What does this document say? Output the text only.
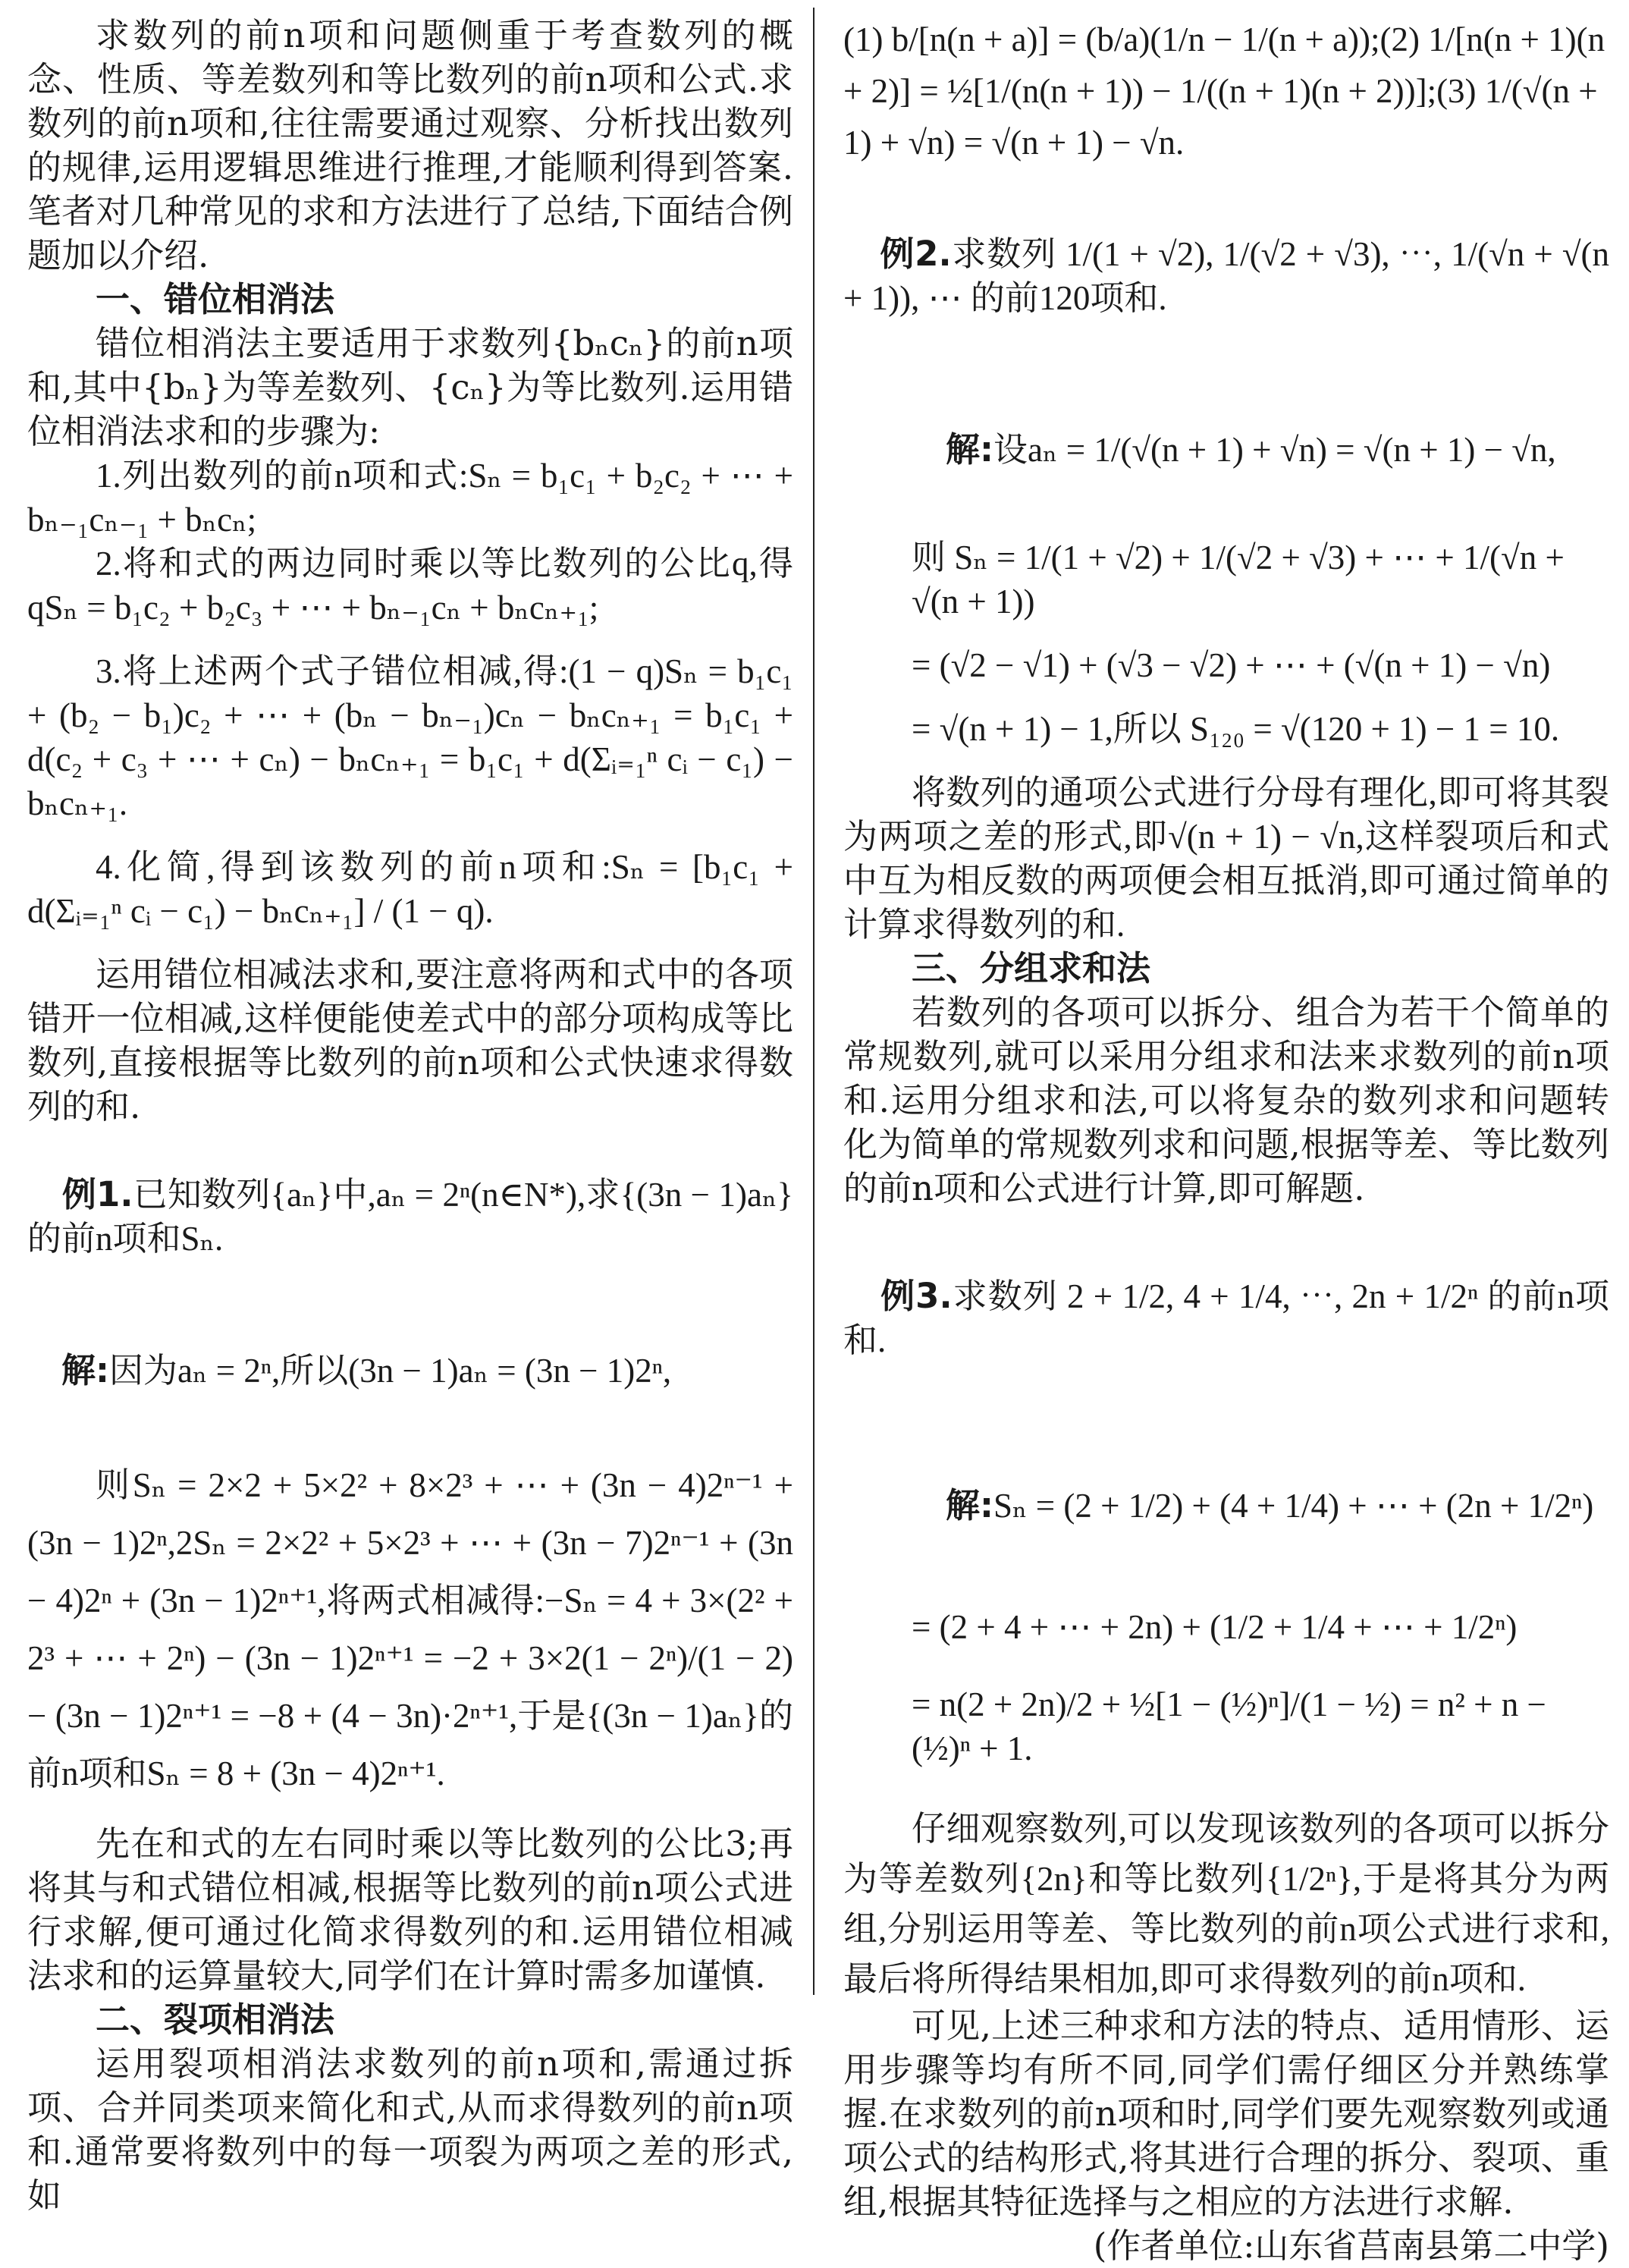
求数列的前n项和问题侧重于考查数列的概念、性质、等差数列和等比数列的前n项和公式.求数列的前n项和,往往需要通过观察、分析找出数列的规律,运用逻辑思维进行推理,才能顺利得到答案.笔者对几种常见的求和方法进行了总结,下面结合例题加以介绍.

一、错位相消法

错位相消法主要适用于求数列{bₙcₙ}的前n项和,其中{bₙ}为等差数列、{cₙ}为等比数列.运用错位相消法求和的步骤为:

1.列出数列的前n项和式:Sₙ = b₁c₁ + b₂c₂ + ⋯ + bₙ₋₁cₙ₋₁ + bₙcₙ;

2.将和式的两边同时乘以等比数列的公比q,得qSₙ = b₁c₂ + b₂c₃ + ⋯ + bₙ₋₁cₙ + bₙcₙ₊₁;

3.将上述两个式子错位相减,得:(1 − q)Sₙ = b₁c₁ + (b₂ − b₁)c₂ + ⋯ + (bₙ − bₙ₋₁)cₙ − bₙcₙ₊₁ = b₁c₁ + d(c₂ + c₃ + ⋯ + cₙ) − bₙcₙ₊₁ = b₁c₁ + d(Σᵢ₌₁ⁿ cᵢ − c₁) − bₙcₙ₊₁.

4.化简,得到该数列的前n项和:Sₙ = [b₁c₁ + d(Σᵢ₌₁ⁿ cᵢ − c₁) − bₙcₙ₊₁] / (1 − q).

运用错位相减法求和,要注意将两和式中的各项错开一位相减,这样便能使差式中的部分项构成等比数列,直接根据等比数列的前n项和公式快速求得数列的和.

例1.已知数列{aₙ}中,aₙ = 2ⁿ(n∈N*),求{(3n − 1)aₙ}的前n项和Sₙ.

解:因为aₙ = 2ⁿ,所以(3n − 1)aₙ = (3n − 1)2ⁿ,

则Sₙ = 2×2 + 5×2² + 8×2³ + ⋯ + (3n − 4)2ⁿ⁻¹ + (3n − 1)2ⁿ,2Sₙ = 2×2² + 5×2³ + ⋯ + (3n − 7)2ⁿ⁻¹ + (3n − 4)2ⁿ + (3n − 1)2ⁿ⁺¹,将两式相减得:−Sₙ = 4 + 3×(2² + 2³ + ⋯ + 2ⁿ) − (3n − 1)2ⁿ⁺¹ = −2 + 3×2(1 − 2ⁿ)/(1 − 2) − (3n − 1)2ⁿ⁺¹ = −8 + (4 − 3n)·2ⁿ⁺¹,于是{(3n − 1)aₙ}的前n项和Sₙ = 8 + (3n − 4)2ⁿ⁺¹.

先在和式的左右同时乘以等比数列的公比3;再将其与和式错位相减,根据等比数列的前n项公式进行求解,便可通过化简求得数列的和.运用错位相减法求和的运算量较大,同学们在计算时需多加谨慎.

二、裂项相消法

运用裂项相消法求数列的前n项和,需通过拆项、合并同类项来简化和式,从而求得数列的前n项和.通常要将数列中的每一项裂为两项之差的形式,如

(1) b/[n(n + a)] = (b/a)(1/n − 1/(n + a));(2) 1/[n(n + 1)(n + 2)] = ½[1/(n(n + 1)) − 1/((n + 1)(n + 2))];(3) 1/(√(n + 1) + √n) = √(n + 1) − √n.

例2.求数列 1/(1 + √2), 1/(√2 + √3), ⋯, 1/(√n + √(n + 1)), ⋯ 的前120项和.

解:设aₙ = 1/(√(n + 1) + √n) = √(n + 1) − √n,

则 Sₙ = 1/(1 + √2) + 1/(√2 + √3) + ⋯ + 1/(√n + √(n + 1))

= (√2 − √1) + (√3 − √2) + ⋯ + (√(n + 1) − √n)

= √(n + 1) − 1,所以 S₁₂₀ = √(120 + 1) − 1 = 10.

将数列的通项公式进行分母有理化,即可将其裂为两项之差的形式,即√(n + 1) − √n,这样裂项后和式中互为相反数的两项便会相互抵消,即可通过简单的计算求得数列的和.

三、分组求和法

若数列的各项可以拆分、组合为若干个简单的常规数列,就可以采用分组求和法来求数列的前n项和.运用分组求和法,可以将复杂的数列求和问题转化为简单的常规数列求和问题,根据等差、等比数列的前n项和公式进行计算,即可解题.

例3.求数列 2 + 1/2, 4 + 1/4, ⋯, 2n + 1/2ⁿ 的前n项和.

解:Sₙ = (2 + 1/2) + (4 + 1/4) + ⋯ + (2n + 1/2ⁿ)

= (2 + 4 + ⋯ + 2n) + (1/2 + 1/4 + ⋯ + 1/2ⁿ)

= n(2 + 2n)/2 + ½[1 − (½)ⁿ]/(1 − ½) = n² + n − (½)ⁿ + 1.

仔细观察数列,可以发现该数列的各项可以拆分为等差数列{2n}和等比数列{1/2ⁿ},于是将其分为两组,分别运用等差、等比数列的前n项公式进行求和,最后将所得结果相加,即可求得数列的前n项和.

可见,上述三种求和方法的特点、适用情形、运用步骤等均有所不同,同学们需仔细区分并熟练掌握.在求数列的前n项和时,同学们要先观察数列或通项公式的结构形式,将其进行合理的拆分、裂项、重组,根据其特征选择与之相应的方法进行求解.

(作者单位:山东省莒南县第二中学)
